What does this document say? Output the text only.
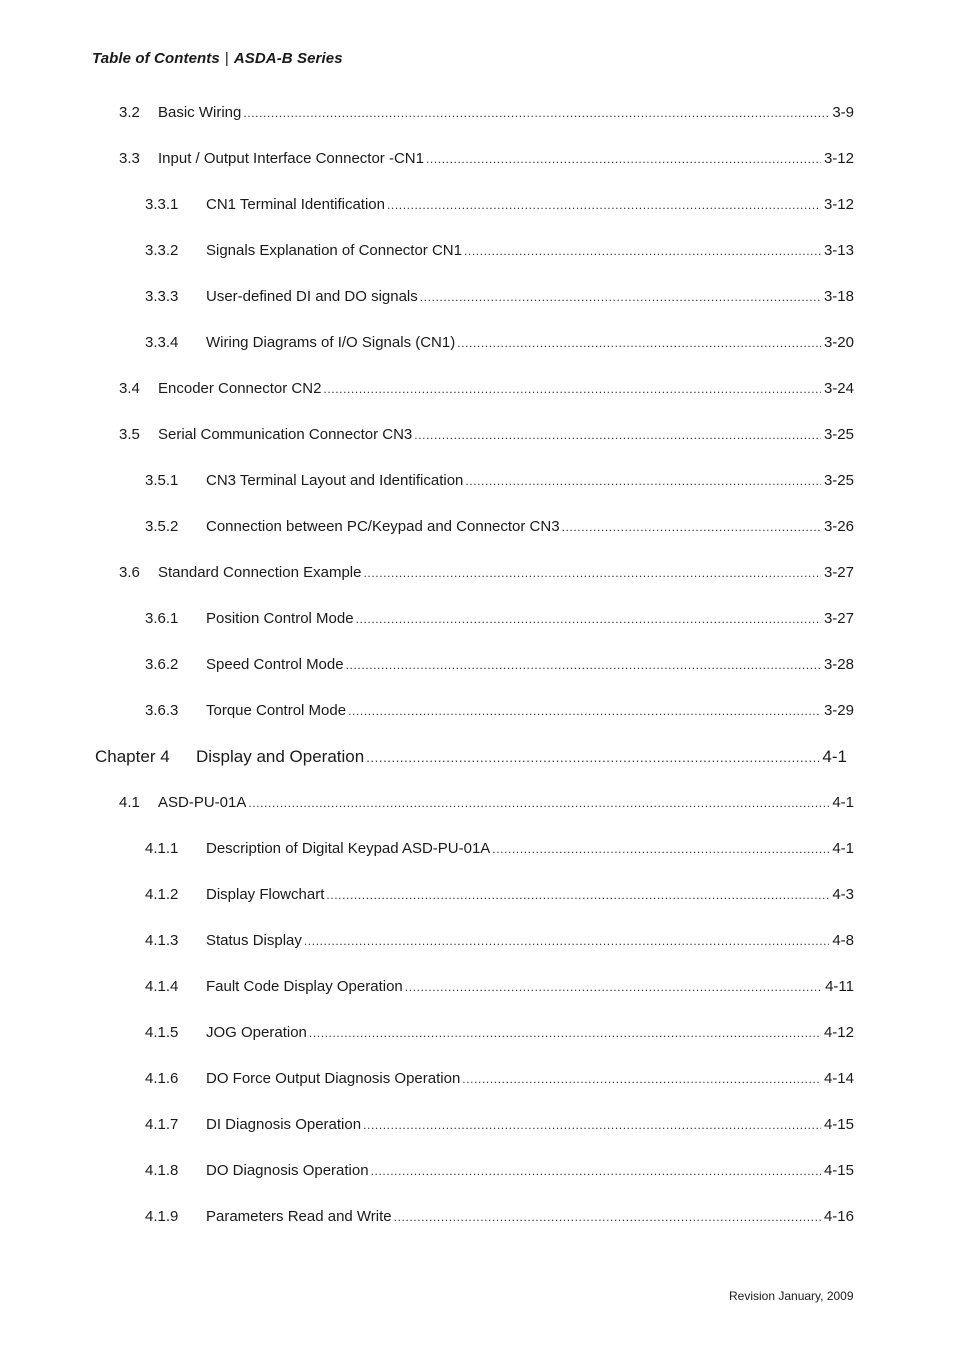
Table of Contents | ASDA-B Series
3.2	Basic Wiring .....	3-9
3.3	Input / Output Interface Connector -CN1 .....	3-12
3.3.1	CN1 Terminal Identification .....	3-12
3.3.2	Signals Explanation of Connector CN1 .....	3-13
3.3.3	User-defined DI and DO signals .....	3-18
3.3.4	Wiring Diagrams of I/O Signals (CN1) .....	3-20
3.4	Encoder Connector CN2 .....	3-24
3.5	Serial Communication Connector CN3 .....	3-25
3.5.1	CN3 Terminal Layout and Identification .....	3-25
3.5.2	Connection between PC/Keypad and Connector CN3 .....	3-26
3.6	Standard Connection Example .....	3-27
3.6.1	Position Control Mode .....	3-27
3.6.2	Speed Control Mode .....	3-28
3.6.3	Torque Control Mode .....	3-29
Chapter 4	Display and Operation .....	4-1
4.1	ASD-PU-01A .....	4-1
4.1.1	Description of Digital Keypad ASD-PU-01A .....	4-1
4.1.2	Display Flowchart .....	4-3
4.1.3	Status Display .....	4-8
4.1.4	Fault Code Display Operation .....	4-11
4.1.5	JOG Operation .....	4-12
4.1.6	DO Force Output Diagnosis Operation .....	4-14
4.1.7	DI Diagnosis Operation .....	4-15
4.1.8	DO Diagnosis Operation .....	4-15
4.1.9	Parameters Read and Write .....	4-16
Revision January, 2009
